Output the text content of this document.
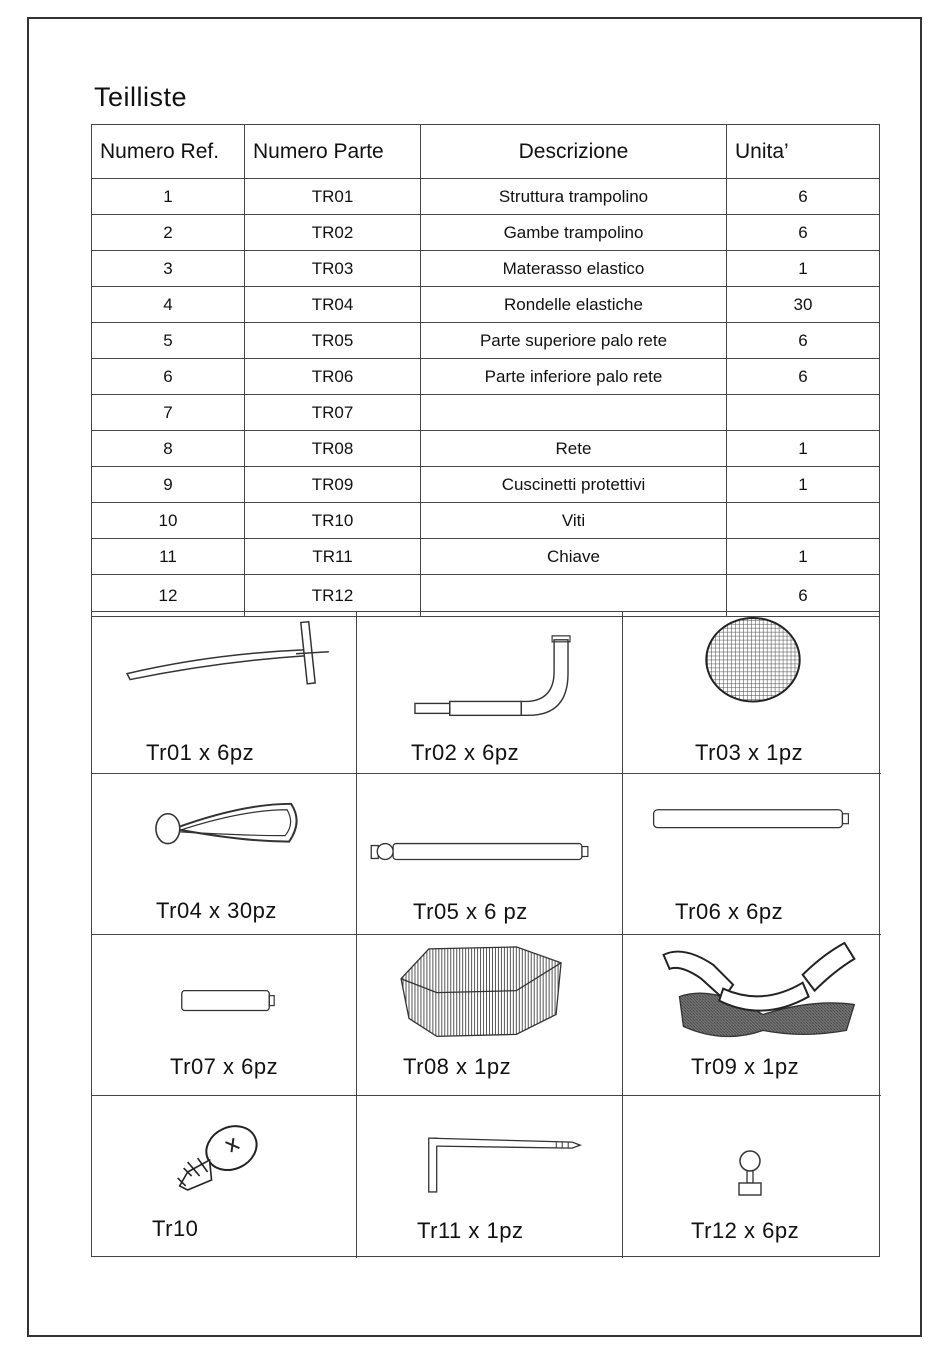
Teilliste
Numero Ref.	Numero Parte	Descrizione	Unita’
1	TR01	Struttura trampolino	6
2	TR02	Gambe trampolino	6
3	TR03	Materasso elastico	1
4	TR04	Rondelle elastiche	30
5	TR05	Parte superiore palo rete	6
6	TR06	Parte inferiore palo rete	6
7	TR07		
8	TR08	Rete	1
9	TR09	Cuscinetti protettivi	1
10	TR10	Viti	
11	TR11	Chiave	1
12	TR12		6
Tr01 x 6pz	Tr02 x 6pz	Tr03 x 1pz
Tr04 x 30pz	Tr05 x 6 pz	Tr06 x 6pz
Tr07 x 6pz	Tr08 x 1pz	Tr09 x 1pz
Tr10	Tr11 x 1pz	Tr12 x 6pz
